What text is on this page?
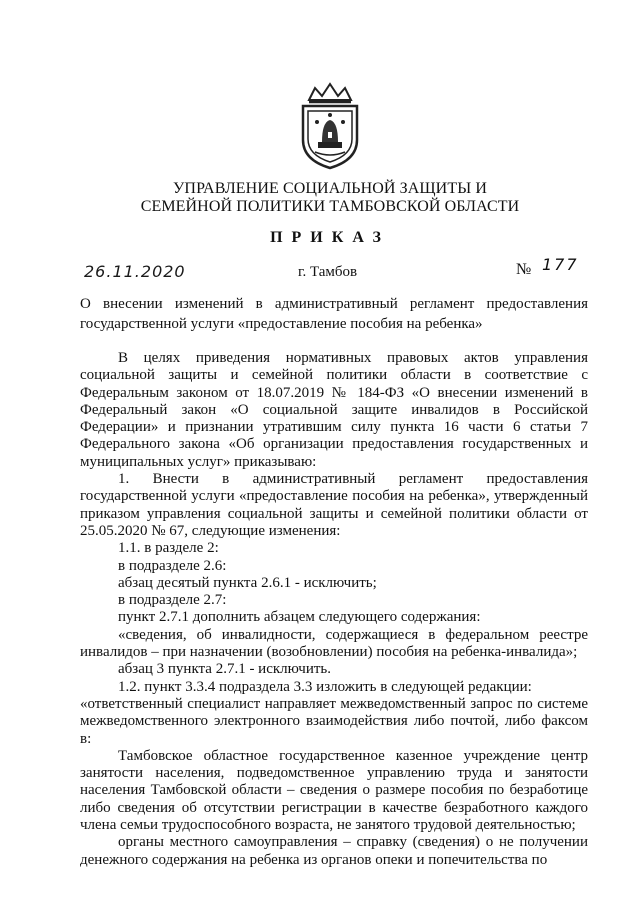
УПРАВЛЕНИЕ СОЦИАЛЬНОЙ ЗАЩИТЫ И
СЕМЕЙНОЙ ПОЛИТИКИ ТАМБОВСКОЙ ОБЛАСТИ
ПРИКАЗ
26.11.2020	г. Тамбов	№ 177
О внесении изменений в административный регламент предоставления государственной услуги «предоставление пособия на ребенка»

В целях приведения нормативных правовых актов управления социальной защиты и семейной политики области в соответствие с Федеральным законом от 18.07.2019 № 184-ФЗ «О внесении изменений в Федеральный закон «О социальной защите инвалидов в Российской Федерации» и признании утратившим силу пункта 16 части 6 статьи 7 Федерального закона «Об организации предоставления государственных и муниципальных услуг» приказываю:

1. Внести в административный регламент предоставления государственной услуги «предоставление пособия на ребенка», утвержденный приказом управления социальной защиты и семейной политики области от 25.05.2020 № 67, следующие изменения:

1.1. в разделе 2:

в подразделе 2.6:

абзац десятый пункта 2.6.1 - исключить;

в подразделе 2.7:

пункт 2.7.1 дополнить абзацем следующего содержания:

«сведения, об инвалидности, содержащиеся в федеральном реестре инвалидов – при назначении (возобновлении) пособия на ребенка-инвалида»;

абзац 3 пункта 2.7.1 - исключить.

1.2. пункт 3.3.4 подраздела 3.3 изложить в следующей редакции:

«ответственный специалист направляет межведомственный запрос по системе межведомственного электронного взаимодействия либо почтой, либо факсом в:

Тамбовское областное государственное казенное учреждение центр занятости населения, подведомственное управлению труда и занятости населения Тамбовской области – сведения о размере пособия по безработице либо сведения об отсутствии регистрации в качестве безработного каждого члена семьи трудоспособного возраста, не занятого трудовой деятельностью;

органы местного самоуправления – справку (сведения) о не получении денежного содержания на ребенка из органов опеки и попечительства по
